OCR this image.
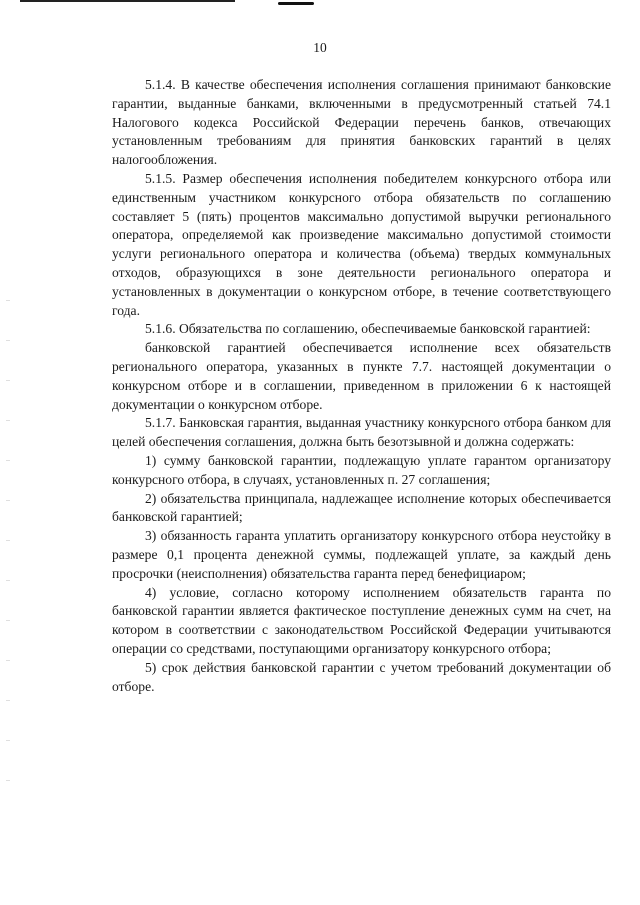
10

5.1.4. В качестве обеспечения исполнения соглашения принимают банковские гарантии, выданные банками, включенными в предусмотренный статьей 74.1 Налогового кодекса Российской Федерации перечень банков, отвечающих установленным требованиям для принятия банковских гарантий в целях налогообложения.

5.1.5. Размер обеспечения исполнения победителем конкурсного отбора или единственным участником конкурсного отбора обязательств по соглашению составляет 5 (пять) процентов максимально допустимой выручки регионального оператора, определяемой как произведение максимально допустимой стоимости услуги регионального оператора и количества (объема) твердых коммунальных отходов, образующихся в зоне деятельности регионального оператора и установленных в документации о конкурсном отборе, в течение соответствующего года.

5.1.6. Обязательства по соглашению, обеспечиваемые банковской гарантией:

банковской гарантией обеспечивается исполнение всех обязательств регионального оператора, указанных в пункте 7.7. настоящей документации о конкурсном отборе и в соглашении, приведенном в приложении 6 к настоящей документации о конкурсном отборе.

5.1.7. Банковская гарантия, выданная участнику конкурсного отбора банком для целей обеспечения соглашения, должна быть безотзывной и должна содержать:

1) сумму банковской гарантии, подлежащую уплате гарантом организатору конкурсного отбора, в случаях, установленных п. 27 соглашения;

2) обязательства принципала, надлежащее исполнение которых обеспечивается банковской гарантией;

3) обязанность гаранта уплатить организатору конкурсного отбора неустойку в размере 0,1 процента денежной суммы, подлежащей уплате, за каждый день просрочки (неисполнения) обязательства гаранта перед бенефициаром;

4) условие, согласно которому исполнением обязательств гаранта по банковской гарантии является фактическое поступление денежных сумм на счет, на котором в соответствии с законодательством Российской Федерации учитываются операции со средствами, поступающими организатору конкурсного отбора;

5) срок действия банковской гарантии с учетом требований документации об отборе.
